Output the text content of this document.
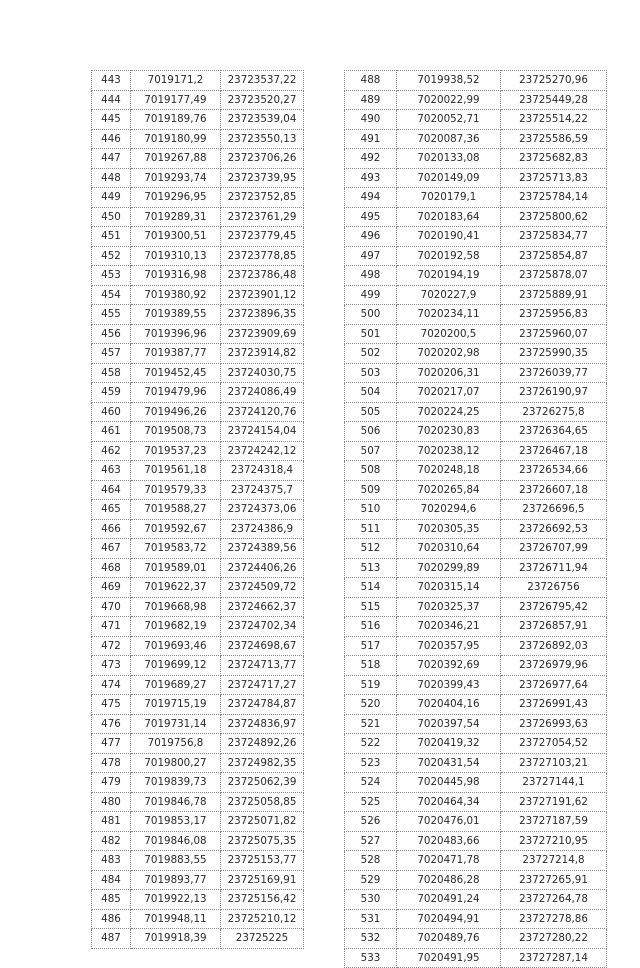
443	7019171,2	23723537,22
444	7019177,49	23723520,27
445	7019189,76	23723539,04
446	7019180,99	23723550,13
447	7019267,88	23723706,26
448	7019293,74	23723739,95
449	7019296,95	23723752,85
450	7019289,31	23723761,29
451	7019300,51	23723779,45
452	7019310,13	23723778,85
453	7019316,98	23723786,48
454	7019380,92	23723901,12
455	7019389,55	23723896,35
456	7019396,96	23723909,69
457	7019387,77	23723914,82
458	7019452,45	23724030,75
459	7019479,96	23724086,49
460	7019496,26	23724120,76
461	7019508,73	23724154,04
462	7019537,23	23724242,12
463	7019561,18	23724318,4
464	7019579,33	23724375,7
465	7019588,27	23724373,06
466	7019592,67	23724386,9
467	7019583,72	23724389,56
468	7019589,01	23724406,26
469	7019622,37	23724509,72
470	7019668,98	23724662,37
471	7019682,19	23724702,34
472	7019693,46	23724698,67
473	7019699,12	23724713,77
474	7019689,27	23724717,27
475	7019715,19	23724784,87
476	7019731,14	23724836,97
477	7019756,8	23724892,26
478	7019800,27	23724982,35
479	7019839,73	23725062,39
480	7019846,78	23725058,85
481	7019853,17	23725071,82
482	7019846,08	23725075,35
483	7019883,55	23725153,77
484	7019893,77	23725169,91
485	7019922,13	23725156,42
486	7019948,11	23725210,12
487	7019918,39	23725225
488	7019938,52	23725270,96
489	7020022,99	23725449,28
490	7020052,71	23725514,22
491	7020087,36	23725586,59
492	7020133,08	23725682,83
493	7020149,09	23725713,83
494	7020179,1	23725784,14
495	7020183,64	23725800,62
496	7020190,41	23725834,77
497	7020192,58	23725854,87
498	7020194,19	23725878,07
499	7020227,9	23725889,91
500	7020234,11	23725956,83
501	7020200,5	23725960,07
502	7020202,98	23725990,35
503	7020206,31	23726039,77
504	7020217,07	23726190,97
505	7020224,25	23726275,8
506	7020230,83	23726364,65
507	7020238,12	23726467,18
508	7020248,18	23726534,66
509	7020265,84	23726607,18
510	7020294,6	23726696,5
511	7020305,35	23726692,53
512	7020310,64	23726707,99
513	7020299,89	23726711,94
514	7020315,14	23726756
515	7020325,37	23726795,42
516	7020346,21	23726857,91
517	7020357,95	23726892,03
518	7020392,69	23726979,96
519	7020399,43	23726977,64
520	7020404,16	23726991,43
521	7020397,54	23726993,63
522	7020419,32	23727054,52
523	7020431,54	23727103,21
524	7020445,98	23727144,1
525	7020464,34	23727191,62
526	7020476,01	23727187,59
527	7020483,66	23727210,95
528	7020471,78	23727214,8
529	7020486,28	23727265,91
530	7020491,24	23727264,78
531	7020494,91	23727278,86
532	7020489,76	23727280,22
533	7020491,95	23727287,14
